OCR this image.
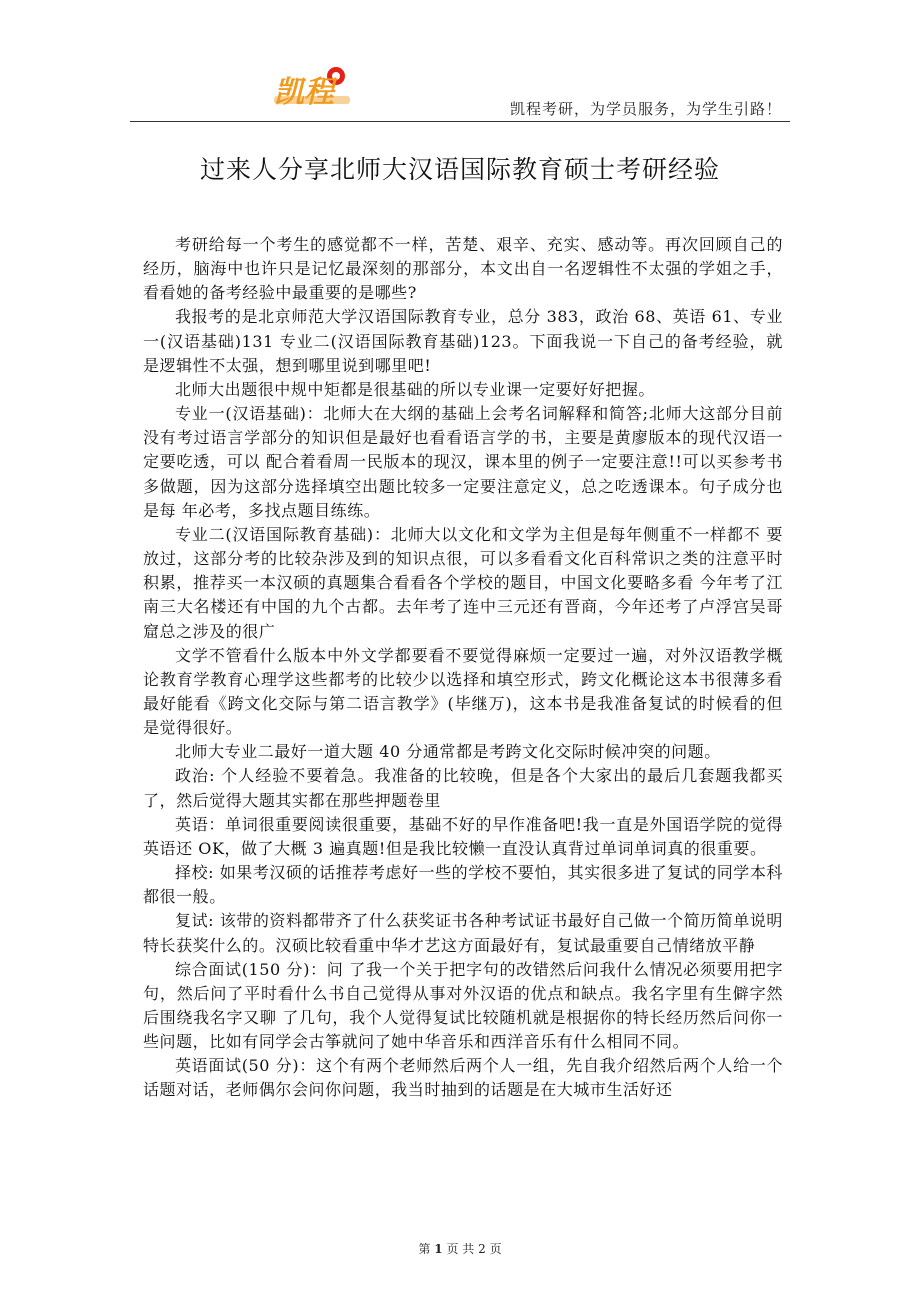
凯程	凯程考研，为学员服务，为学生引路！
过来人分享北师大汉语国际教育硕士考研经验

考研给每一个考生的感觉都不一样，苦楚、艰辛、充实、感动等。再次回顾自己的经历，脑海中也许只是记忆最深刻的那部分，本文出自一名逻辑性不太强的学姐之手，看看她的备考经验中最重要的是哪些?

我报考的是北京师范大学汉语国际教育专业，总分 383，政治 68、英语 61、专业一(汉语基础)131 专业二(汉语国际教育基础)123。下面我说一下自己的备考经验，就是逻辑性不太强，想到哪里说到哪里吧!

北师大出题很中规中矩都是很基础的所以专业课一定要好好把握。

专业一(汉语基础)：北师大在大纲的基础上会考名词解释和简答;北师大这部分目前没有考过语言学部分的知识但是最好也看看语言学的书，主要是黄廖版本的现代汉语一定要吃透，可以 配合着看周一民版本的现汉，课本里的例子一定要注意!!可以买参考书多做题，因为这部分选择填空出题比较多一定要注意定义，总之吃透课本。句子成分也是每 年必考，多找点题目练练。

专业二(汉语国际教育基础)：北师大以文化和文学为主但是每年侧重不一样都不 要放过，这部分考的比较杂涉及到的知识点很，可以多看看文化百科常识之类的注意平时积累，推荐买一本汉硕的真题集合看看各个学校的题目，中国文化要略多看 今年考了江南三大名楼还有中国的九个古都。去年考了连中三元还有晋商，今年还考了卢浮宫吴哥窟总之涉及的很广

文学不管看什么版本中外文学都要看不要觉得麻烦一定要过一遍，对外汉语教学概论教育学教育心理学这些都考的比较少以选择和填空形式，跨文化概论这本书很薄多看最好能看《跨文化交际与第二语言教学》(毕继万)，这本书是我准备复试的时候看的但是觉得很好。

北师大专业二最好一道大题 40 分通常都是考跨文化交际时候冲突的问题。

政治: 个人经验不要着急。我准备的比较晚，但是各个大家出的最后几套题我都买了，然后觉得大题其实都在那些押题卷里

英语：单词很重要阅读很重要，基础不好的早作准备吧!我一直是外国语学院的觉得英语还 OK，做了大概 3 遍真题!但是我比较懒一直没认真背过单词单词真的很重要。

择校: 如果考汉硕的话推荐考虑好一些的学校不要怕，其实很多进了复试的同学本科都很一般。

复试: 该带的资料都带齐了什么获奖证书各种考试证书最好自己做一个简历简单说明特长获奖什么的。汉硕比较看重中华才艺这方面最好有，复试最重要自己情绪放平静

综合面试(150 分)：问 了我一个关于把字句的改错然后问我什么情况必须要用把字句，然后问了平时看什么书自己觉得从事对外汉语的优点和缺点。我名字里有生僻字然后围绕我名字又聊 了几句，我个人觉得复试比较随机就是根据你的特长经历然后问你一些问题，比如有同学会古筝就问了她中华音乐和西洋音乐有什么相同不同。

英语面试(50 分)：这个有两个老师然后两个人一组，先自我介绍然后两个人给一个话题对话，老师偶尔会问你问题，我当时抽到的话题是在大城市生活好还

第 1 页 共 2 页
